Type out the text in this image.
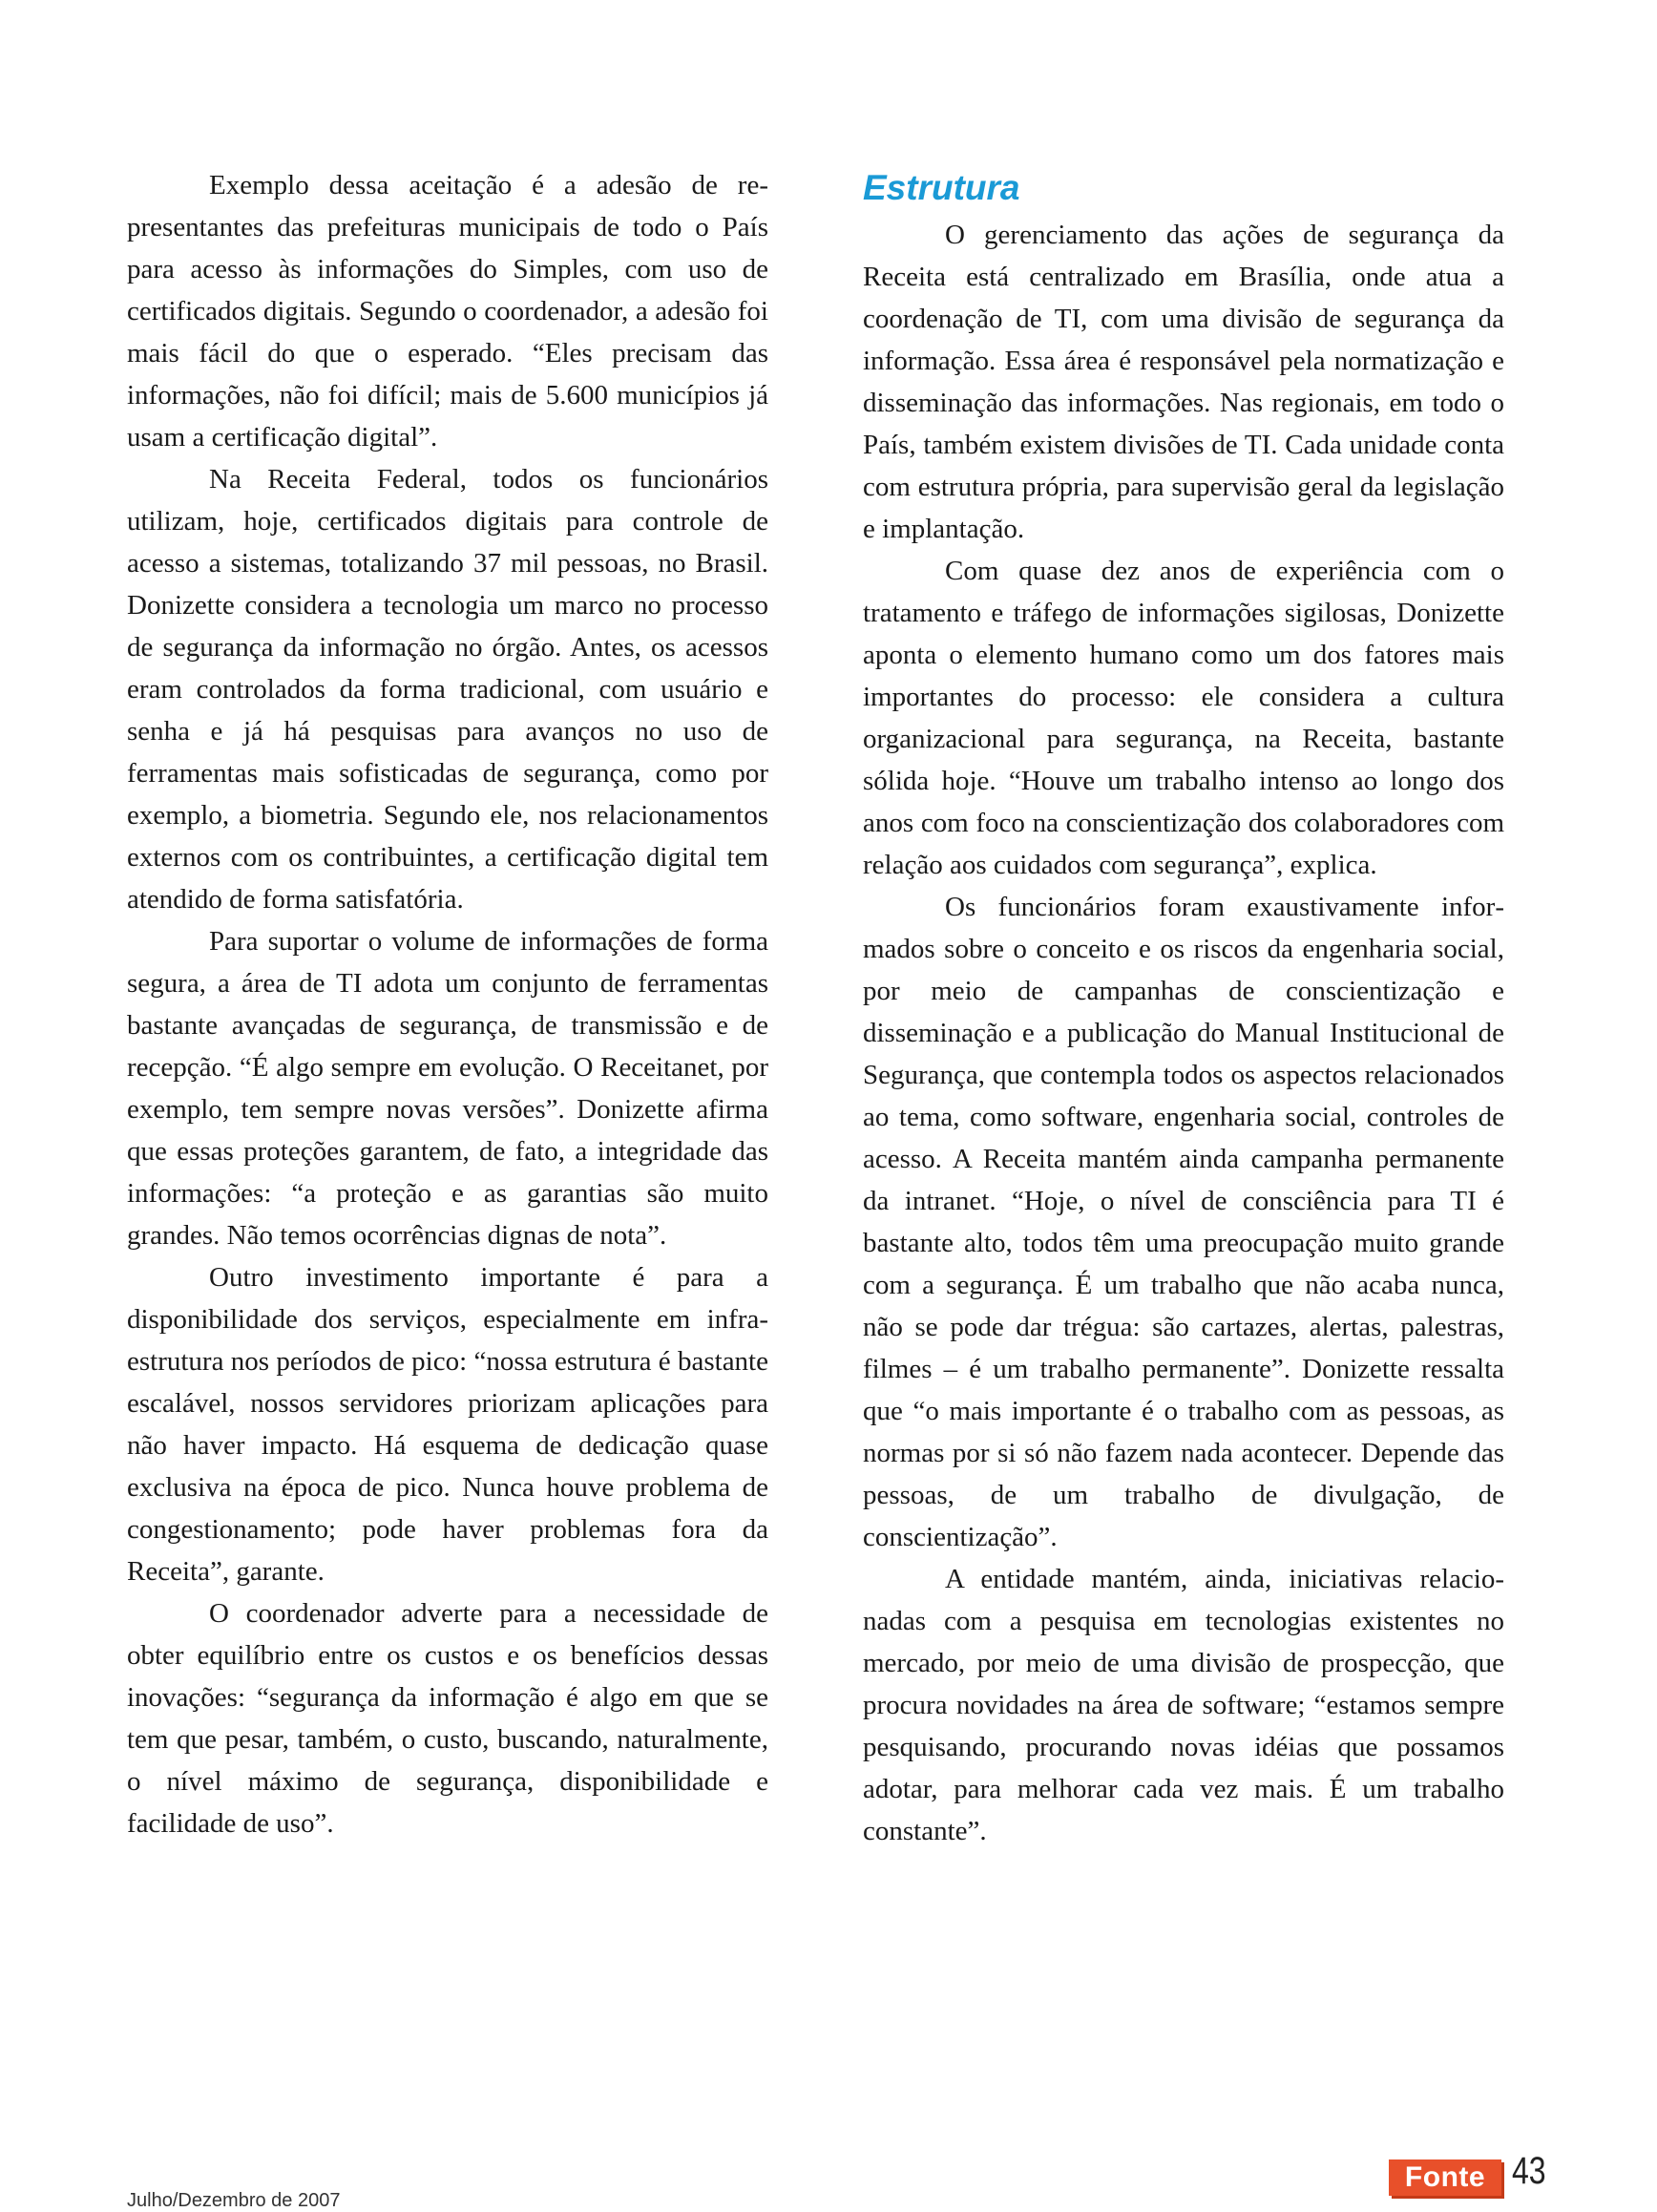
Exemplo dessa aceitação é a adesão de representantes das prefeituras municipais de todo o País para acesso às informações do Simples, com uso de certificados digitais. Segundo o coordenador, a adesão foi mais fácil do que o esperado. “Eles precisam das informações, não foi difícil; mais de 5.600 municípios já usam a certificação digital”.

Na Receita Federal, todos os funcionários utilizam, hoje, certificados digitais para controle de acesso a sistemas, totalizando 37 mil pessoas, no Brasil. Donizette considera a tecnologia um marco no processo de segurança da informação no órgão. Antes, os acessos eram controlados da forma tradicional, com usuário e senha e já há pesquisas para avanços no uso de ferramentas mais sofisticadas de segurança, como por exemplo, a biometria. Segundo ele, nos relacionamentos externos com os contribuintes, a certificação digital tem atendido de forma satisfatória.

Para suportar o volume de informações de forma segura, a área de TI adota um conjunto de ferramentas bastante avançadas de segurança, de transmissão e de recepção. “É algo sempre em evolução. O Receitanet, por exemplo, tem sempre novas versões”. Donizette afirma que essas proteções garantem, de fato, a integridade das informações: “a proteção e as garantias são muito grandes. Não temos ocorrências dignas de nota”.

Outro investimento importante é para a disponibilidade dos serviços, especialmente em infra-estrutura nos períodos de pico: “nossa estrutura é bastante escalável, nossos servidores priorizam aplicações para não haver impacto. Há esquema de dedicação quase exclusiva na época de pico. Nunca houve problema de congestionamento; pode haver problemas fora da Receita”, garante.

O coordenador adverte para a necessidade de obter equilíbrio entre os custos e os benefícios dessas inovações: “segurança da informação é algo em que se tem que pesar, também, o custo, buscando, naturalmente, o nível máximo de segurança, disponibilidade e facilidade de uso”.

Estrutura

O gerenciamento das ações de segurança da Receita está centralizado em Brasília, onde atua a coordenação de TI, com uma divisão de segurança da informação. Essa área é responsável pela normatização e disseminação das informações. Nas regionais, em todo o País, também existem divisões de TI. Cada unidade conta com estrutura própria, para supervisão geral da legislação e implantação.

Com quase dez anos de experiência com o tratamento e tráfego de informações sigilosas, Donizette aponta o elemento humano como um dos fatores mais importantes do processo: ele considera a cultura organizacional para segurança, na Receita, bastante sólida hoje. “Houve um trabalho intenso ao longo dos anos com foco na conscientização dos colaboradores com relação aos cuidados com segurança”, explica.

Os funcionários foram exaustivamente informados sobre o conceito e os riscos da engenharia social, por meio de campanhas de conscientização e disseminação e a publicação do Manual Institucional de Segurança, que contempla todos os aspectos relacionados ao tema, como software, engenharia social, controles de acesso. A Receita mantém ainda campanha permanente da intranet. “Hoje, o nível de consciência para TI é bastante alto, todos têm uma preocupação muito grande com a segurança. É um trabalho que não acaba nunca, não se pode dar trégua: são cartazes, alertas, palestras, filmes – é um trabalho permanente”. Donizette ressalta que “o mais importante é o trabalho com as pessoas, as normas por si só não fazem nada acontecer. Depende das pessoas, de um trabalho de divulgação, de conscientização”.

A entidade mantém, ainda, iniciativas relacionadas com a pesquisa em tecnologias existentes no mercado, por meio de uma divisão de prospecção, que procura novidades na área de software; “estamos sempre pesquisando, procurando novas idéias que possamos adotar, para melhorar cada vez mais. É um trabalho constante”.

Julho/Dezembro de 2007
Fonte 43
